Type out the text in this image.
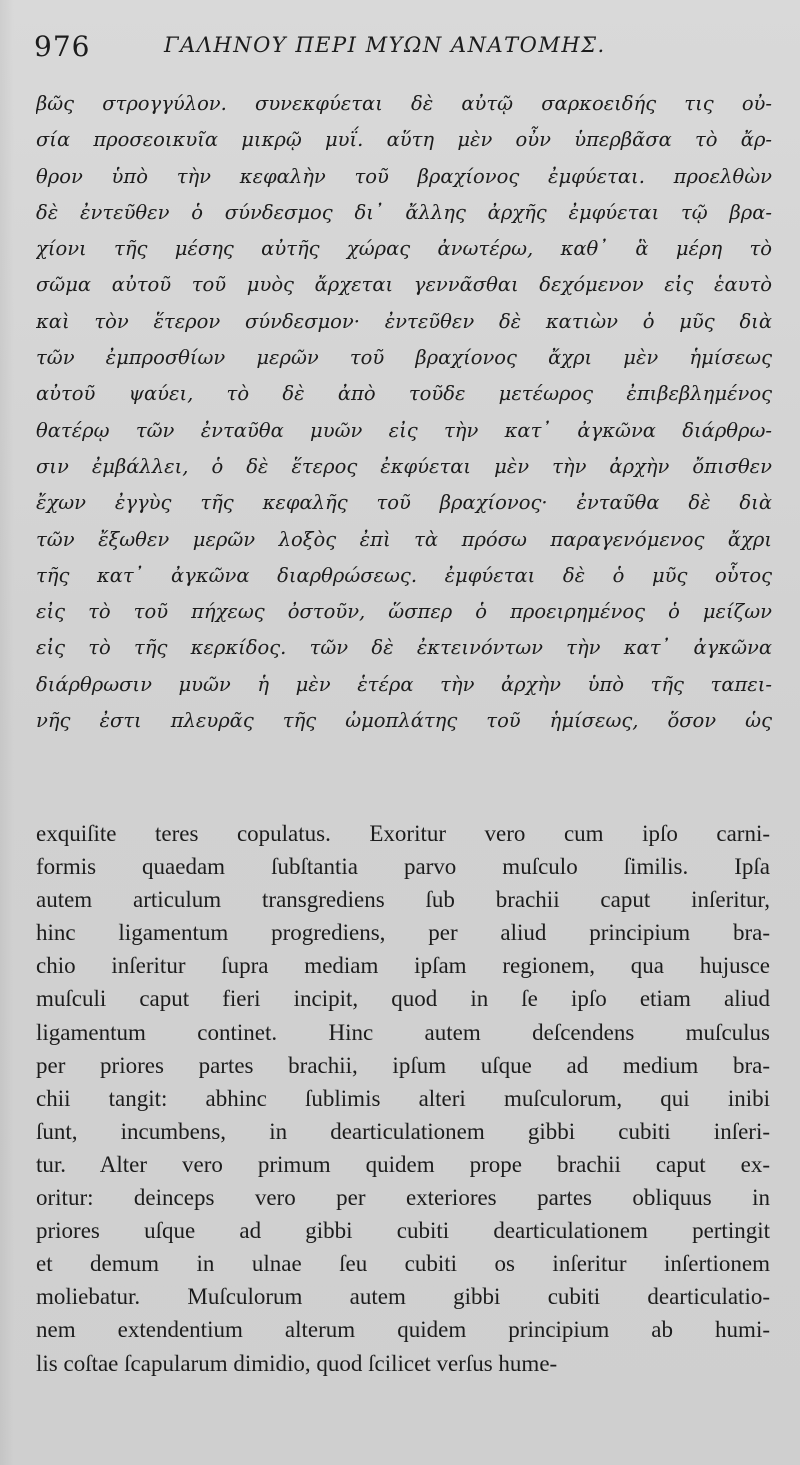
976	ΓΑΛΗΝΟΥ ΠΕΡΙ ΜΥΩΝ ΑΝΑΤΟΜΗΣ.
βῶς στρογγύλον. συνεκφύεται δὲ αὐτῷ σαρκοειδής τις οὐ-
σία προσεοικυῖα μικρῷ μυΐ. αὕτη μὲν οὖν ὑπερβᾶσα τὸ ἄρ-
θρον ὑπὸ τὴν κεφαλὴν τοῦ βραχίονος ἐμφύεται. προελθὼν
δὲ ἐντεῦθεν ὁ σύνδεσμος δι᾽ ἄλλης ἀρχῆς ἐμφύεται τῷ βρα-
χίονι τῆς μέσης αὐτῆς χώρας ἀνωτέρω, καθ᾽ ἃ μέρη τὸ
σῶμα αὐτοῦ τοῦ μυὸς ἄρχεται γεννᾶσθαι δεχόμενον εἰς ἑαυτὸ
καὶ τὸν ἕτερον σύνδεσμον· ἐντεῦθεν δὲ κατιὼν ὁ μῦς διὰ
τῶν ἐμπροσθίων μερῶν τοῦ βραχίονος ἄχρι μὲν ἡμίσεως
αὐτοῦ ψαύει, τὸ δὲ ἀπὸ τοῦδε μετέωρος ἐπιβεβλημένος
θατέρῳ τῶν ἐνταῦθα μυῶν εἰς τὴν κατ᾽ ἀγκῶνα διάρθρω-
σιν ἐμβάλλει, ὁ δὲ ἕτερος ἐκφύεται μὲν τὴν ἀρχὴν ὄπισθεν
ἔχων ἐγγὺς τῆς κεφαλῆς τοῦ βραχίονος· ἐνταῦθα δὲ διὰ
τῶν ἔξωθεν μερῶν λοξὸς ἐπὶ τὰ πρόσω παραγενόμενος ἄχρι
τῆς κατ᾽ ἀγκῶνα διαρθρώσεως. ἐμφύεται δὲ ὁ μῦς οὗτος
εἰς τὸ τοῦ πήχεως ὀστοῦν, ὥσπερ ὁ προειρημένος ὁ μείζων
εἰς τὸ τῆς κερκίδος. τῶν δὲ ἐκτεινόντων τὴν κατ᾽ ἀγκῶνα
διάρθρωσιν μυῶν ἡ μὲν ἑτέρα τὴν ἀρχὴν ὑπὸ τῆς ταπει-
νῆς ἐστι πλευρᾶς τῆς ὠμοπλάτης τοῦ ἡμίσεως, ὅσον ὡς
exquiſite teres copulatus. Exoritur vero cum ipſo carni-
formis quaedam ſubſtantia parvo muſculo ſimilis. Ipſa
autem articulum transgrediens ſub brachii caput inſeritur,
hinc ligamentum progrediens, per aliud principium bra-
chio inſeritur ſupra mediam ipſam regionem, qua hujusce
muſculi caput fieri incipit, quod in ſe ipſo etiam aliud
ligamentum continet. Hinc autem deſcendens muſculus
per priores partes brachii, ipſum uſque ad medium bra-
chii tangit: abhinc ſublimis alteri muſculorum, qui inibi
ſunt, incumbens, in dearticulationem gibbi cubiti inſeri-
tur. Alter vero primum quidem prope brachii caput ex-
oritur: deinceps vero per exteriores partes obliquus in
priores uſque ad gibbi cubiti dearticulationem pertingit
et demum in ulnae ſeu cubiti os inſeritur inſertionem
moliebatur. Muſculorum autem gibbi cubiti dearticulatio-
nem extendentium alterum quidem principium ab humi-
lis coſtae ſcapularum dimidio, quod ſcilicet verſus hume-
